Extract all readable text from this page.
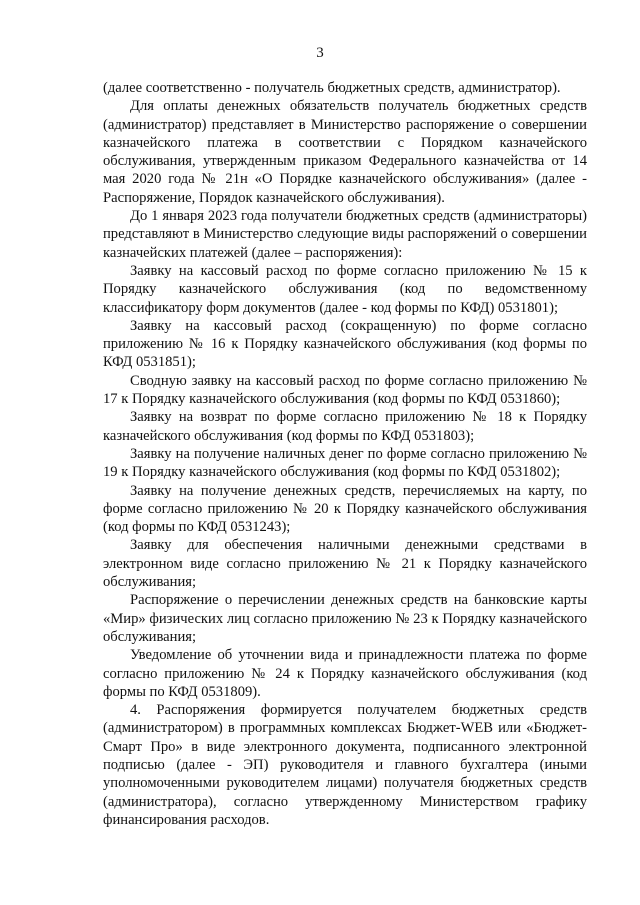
3

(далее соответственно - получатель бюджетных средств, администратор).

Для оплаты денежных обязательств получатель бюджетных средств (администратор) представляет в Министерство распоряжение о совершении казначейского платежа в соответствии с Порядком казначейского обслуживания, утвержденным приказом Федерального казначейства от 14 мая 2020 года № 21н «О Порядке казначейского обслуживания» (далее - Распоряжение, Порядок казначейского обслуживания).

До 1 января 2023 года получатели бюджетных средств (администраторы) представляют в Министерство следующие виды распоряжений о совершении казначейских платежей (далее – распоряжения):

Заявку на кассовый расход по форме согласно приложению № 15 к Порядку казначейского обслуживания (код по ведомственному классификатору форм документов (далее - код формы по КФД) 0531801);

Заявку на кассовый расход (сокращенную) по форме согласно приложению № 16 к Порядку казначейского обслуживания (код формы по КФД 0531851);

Сводную заявку на кассовый расход по форме согласно приложению № 17 к Порядку казначейского обслуживания (код формы по КФД 0531860);

Заявку на возврат по форме согласно приложению № 18 к Порядку казначейского обслуживания (код формы по КФД 0531803);

Заявку на получение наличных денег по форме согласно приложению № 19 к Порядку казначейского обслуживания (код формы по КФД 0531802);

Заявку на получение денежных средств, перечисляемых на карту, по форме согласно приложению № 20 к Порядку казначейского обслуживания (код формы по КФД 0531243);

Заявку для обеспечения наличными денежными средствами в электронном виде согласно приложению № 21 к Порядку казначейского обслуживания;

Распоряжение о перечислении денежных средств на банковские карты «Мир» физических лиц согласно приложению № 23 к Порядку казначейского обслуживания;

Уведомление об уточнении вида и принадлежности платежа по форме согласно приложению № 24 к Порядку казначейского обслуживания (код формы по КФД 0531809).

4. Распоряжения формируется получателем бюджетных средств (администратором) в программных комплексах Бюджет-WEB или «Бюджет-Смарт Про» в виде электронного документа, подписанного электронной подписью (далее - ЭП) руководителя и главного бухгалтера (иными уполномоченными руководителем лицами) получателя бюджетных средств (администратора), согласно утвержденному Министерством графику финансирования расходов.
